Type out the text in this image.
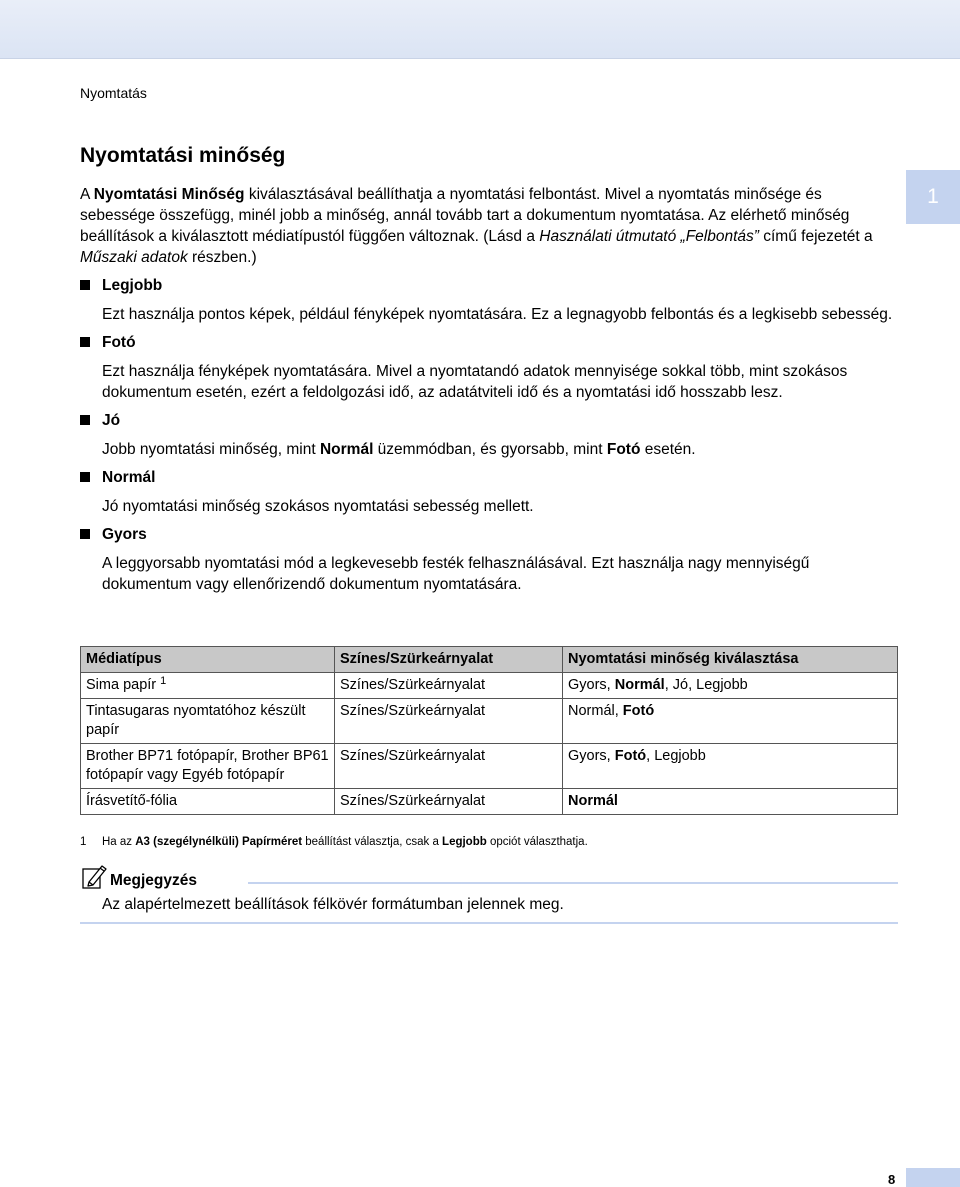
Nyomtatás
1
Nyomtatási minőség

A Nyomtatási Minőség kiválasztásával beállíthatja a nyomtatási felbontást. Mivel a nyomtatás minősége és sebessége összefügg, minél jobb a minőség, annál tovább tart a dokumentum nyomtatása. Az elérhető minőség beállítások a kiválasztott médiatípustól függően változnak. (Lásd a Használati útmutató „Felbontás” című fejezetét a Műszaki adatok részben.)

Legjobb

Ezt használja pontos képek, például fényképek nyomtatására. Ez a legnagyobb felbontás és a legkisebb sebesség.

Fotó

Ezt használja fényképek nyomtatására. Mivel a nyomtatandó adatok mennyisége sokkal több, mint szokásos dokumentum esetén, ezért a feldolgozási idő, az adatátviteli idő és a nyomtatási idő hosszabb lesz.

Jó

Jobb nyomtatási minőség, mint Normál üzemmódban, és gyorsabb, mint Fotó esetén.

Normál

Jó nyomtatási minőség szokásos nyomtatási sebesség mellett.

Gyors

A leggyorsabb nyomtatási mód a legkevesebb festék felhasználásával. Ezt használja nagy mennyiségű dokumentum vagy ellenőrizendő dokumentum nyomtatására.

Médiatípus	Színes/Szürkeárnyalat	Nyomtatási minőség kiválasztása
Sima papír $^1$	Színes/Szürkeárnyalat	Gyors, Normál, Jó, Legjobb
Tintasugaras nyomtatóhoz készült papír	Színes/Szürkeárnyalat	Normál, Fotó
Brother BP71 fotópapír, Brother BP61 fotópapír vagy Egyéb fotópapír	Színes/Szürkeárnyalat	Gyors, Fotó, Legjobb
Írásvetítő-fólia	Színes/Szürkeárnyalat	Normál
1	Ha az A3 (szegélynélküli) Papírméret beállítást választja, csak a Legjobb opciót választhatja.
Megjegyzés

Az alapértelmezett beállítások félkövér formátumban jelennek meg.

8
